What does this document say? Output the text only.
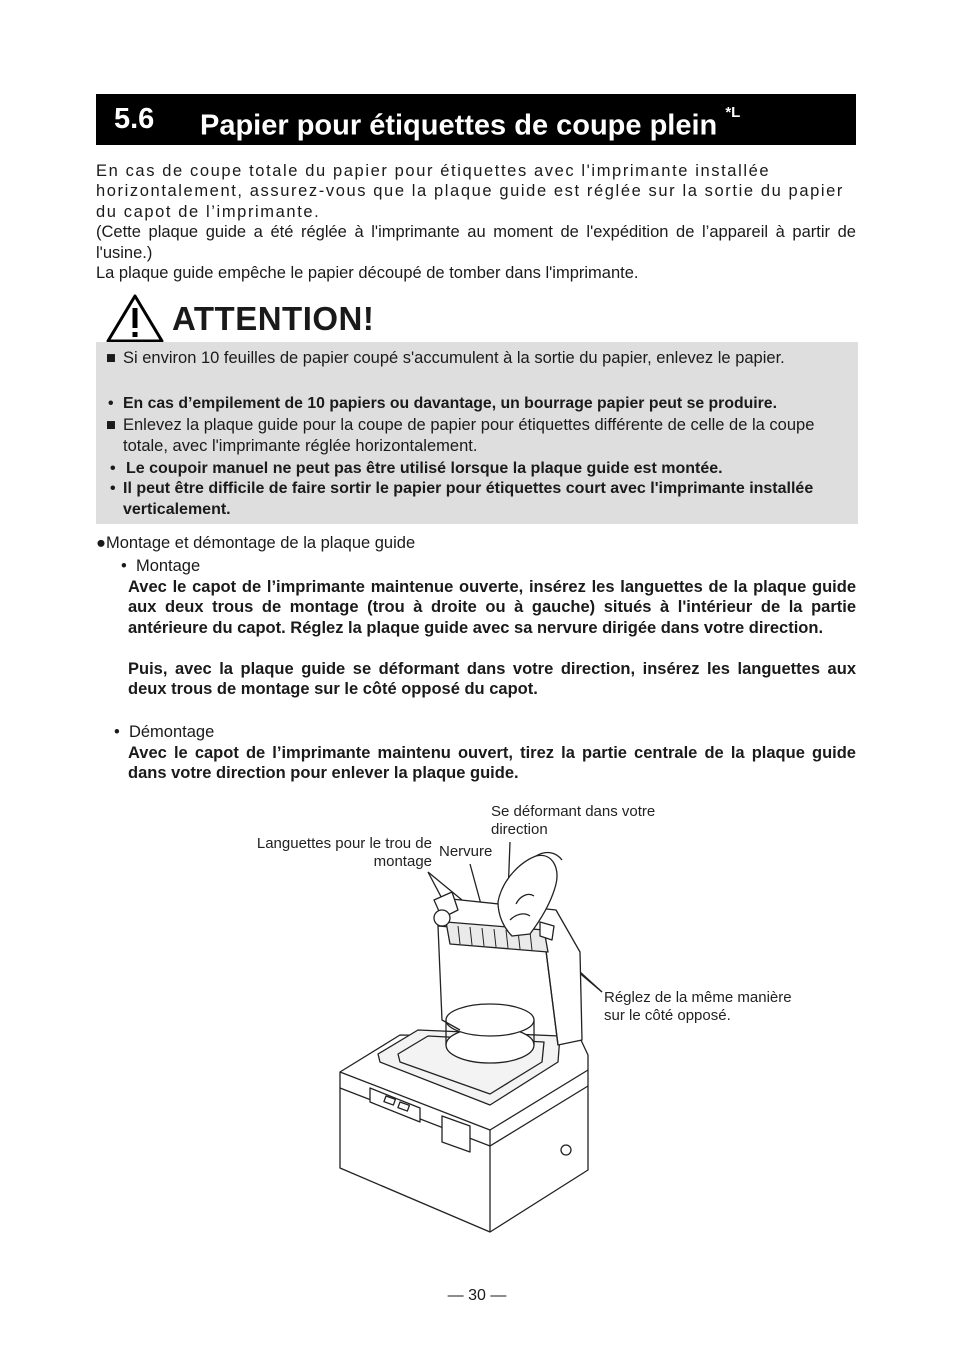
5.6 Papier pour étiquettes de coupe plein $^{*L}$

En cas de coupe totale du papier pour étiquettes avec l'imprimante installée horizontalement, assurez-vous que la plaque guide est réglée sur la sortie du papier du capot de l’imprimante.

(Cette plaque guide a été réglée à l'imprimante au moment de l'expédition de l’appareil à partir de l'usine.)

La plaque guide empêche le papier découpé de tomber dans l'imprimante.

ATTENTION!
■ Si environ 10 feuilles de papier coupé s'accumulent à la sortie du papier, enlevez le papier.
• En cas d’empilement de 10 papiers ou davantage, un bourrage papier peut se produire.
■ Enlevez la plaque guide pour la coupe de papier pour étiquettes différente de celle de la coupe totale, avec l'imprimante réglée horizontalement.
• Le coupoir manuel ne peut pas être utilisé lorsque la plaque guide est montée.
• Il peut être difficile de faire sortir le papier pour étiquettes court avec l'imprimante installée verticalement.
●Montage et démontage de la plaque guide
•  Montage

Avec le capot de l’imprimante maintenue ouverte, insérez les languettes de la plaque guide aux deux trous de montage (trou à droite ou à gauche) situés à l'intérieur de la partie antérieure du capot. Réglez la plaque guide avec sa nervure dirigée dans votre direction.

Puis, avec la plaque guide se déformant dans votre direction, insérez les languettes aux deux trous de montage sur le côté opposé du capot.

•  Démontage

Avec le capot de l’imprimante maintenu ouvert, tirez la partie centrale de la plaque guide dans votre direction pour enlever la plaque guide.

Se déformant dans votre
direction
Languettes pour le trou de
montage
Nervure
Réglez de la même manière
sur le côté opposé.
— 30 —
